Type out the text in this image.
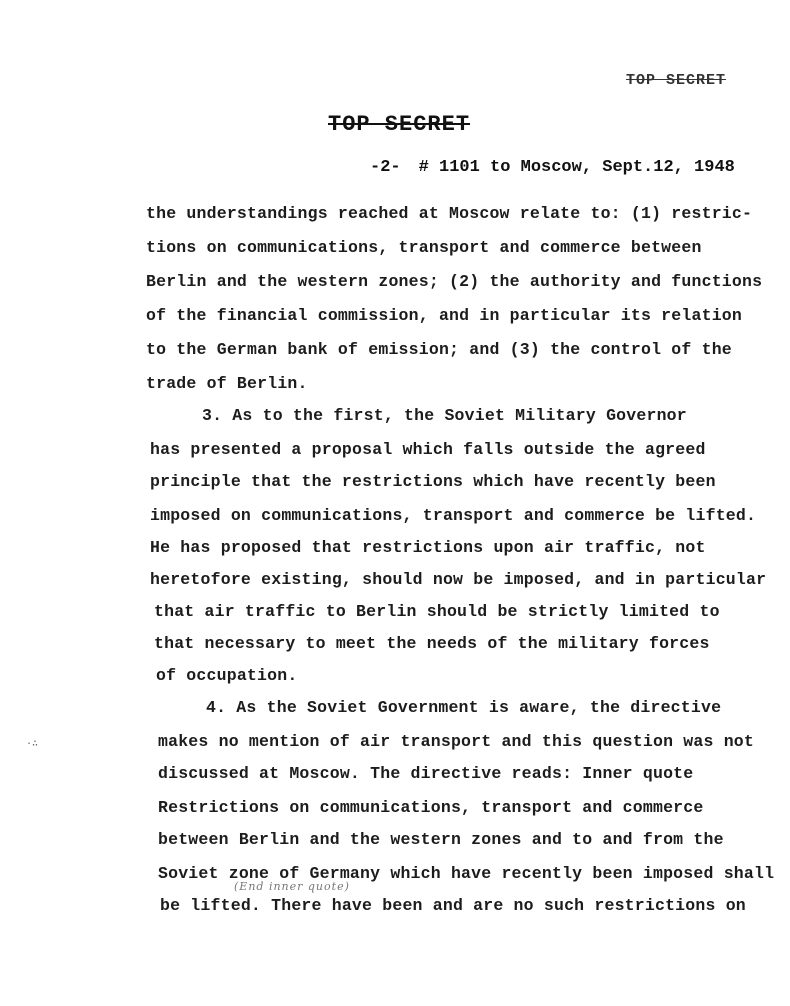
TOP SECRET
TOP SECRET
-2- # 1101 to Moscow, Sept.12, 1948
the understandings reached at Moscow relate to: (1) restric-
tions on communications, transport and commerce between
Berlin and the western zones; (2) the authority and functions
of the financial commission, and in particular its relation
to the German bank of emission; and (3) the control of the
trade of Berlin.
3. As to the first, the Soviet Military Governor
has presented a proposal which falls outside the agreed
principle that the restrictions which have recently been
imposed on communications, transport and commerce be lifted.
He has proposed that restrictions upon air traffic, not
heretofore existing, should now be imposed, and in particular
that air traffic to Berlin should be strictly limited to
that necessary to meet the needs of the military forces
of occupation.
4. As the Soviet Government is aware, the directive
makes no mention of air transport and this question was not
discussed at Moscow. The directive reads: Inner quote
Restrictions on communications, transport and commerce
between Berlin and the western zones and to and from the
Soviet zone of Germany which have recently been imposed shall
be lifted. There have been and are no such restrictions on
(End inner quote)
·∴
